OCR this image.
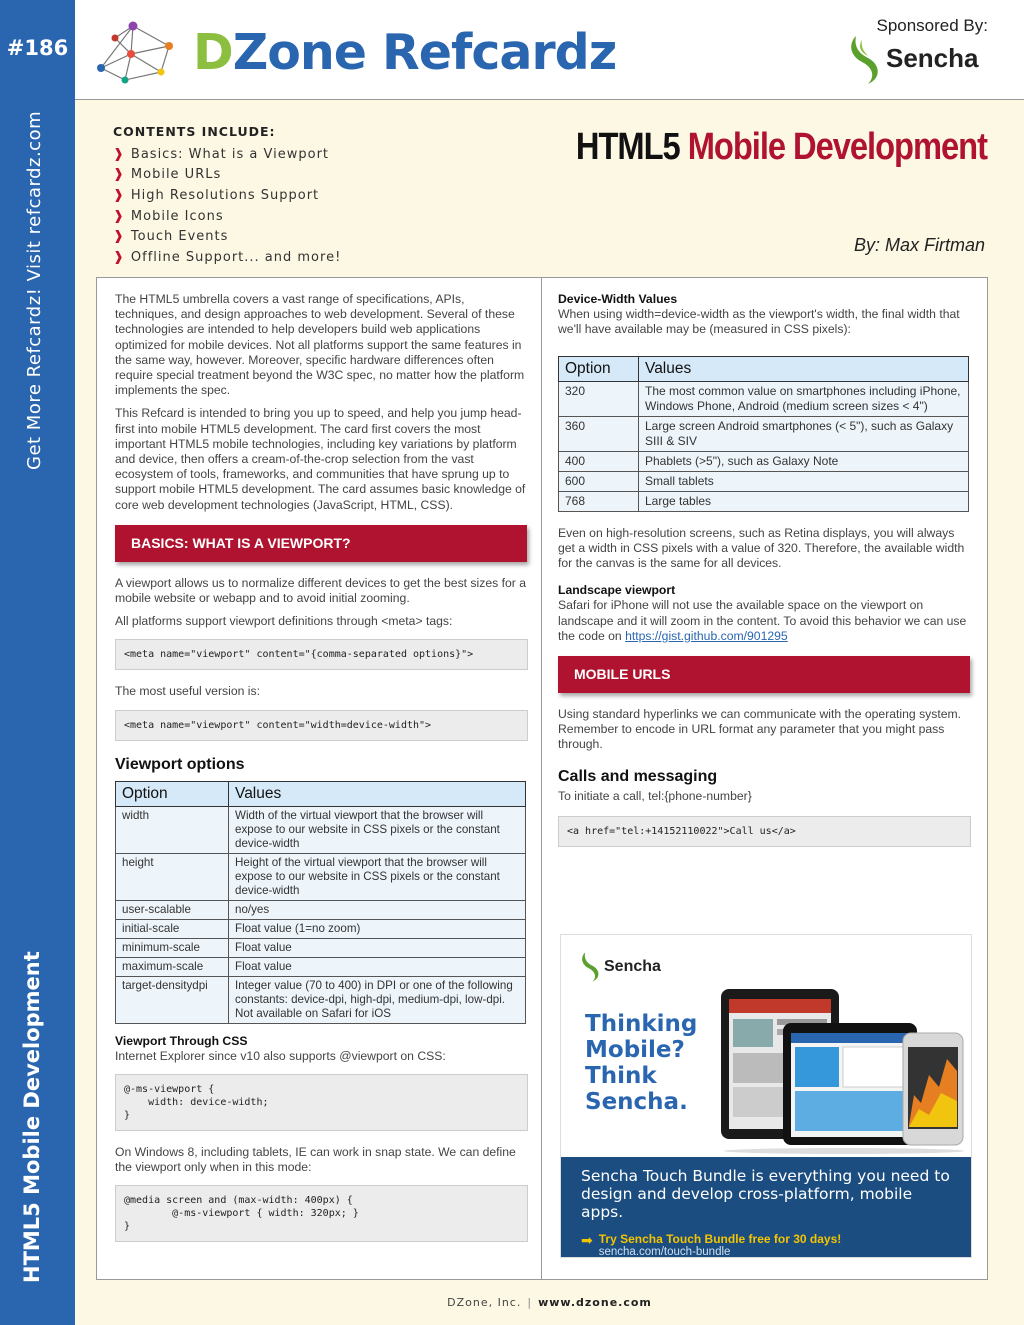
#186
Get More Refcardz! Visit refcardz.com
HTML5 Mobile Development
DZone Refcardz	Sponsored By:
Sencha
CONTENTS INCLUDE:
❱ Basics: What is a Viewport
❱ Mobile URLs
❱ High Resolutions Support
❱ Mobile Icons
❱ Touch Events
❱ Offline Support... and more!
HTML5 Mobile Development
By: Max Firtman

The HTML5 umbrella covers a vast range of specifications, APIs, techniques, and design approaches to web development. Several of these technologies are intended to help developers build web applications optimized for mobile devices. Not all platforms support the same features in the same way, however. Moreover, specific hardware differences often require special treatment beyond the W3C spec, no matter how the platform implements the spec.

This Refcard is intended to bring you up to speed, and help you jump head-first into mobile HTML5 development. The card first covers the most important HTML5 mobile technologies, including key variations by platform and device, then offers a cream-of-the-crop selection from the vast ecosystem of tools, frameworks, and communities that have sprung up to support mobile HTML5 development. The card assumes basic knowledge of core web development technologies (JavaScript, HTML, CSS).

BASICS: WHAT IS A VIEWPORT?

A viewport allows us to normalize different devices to get the best sizes for a mobile website or webapp and to avoid initial zooming.

All platforms support viewport definitions through <meta> tags:

<meta name="viewport" content="{comma-separated options}">

The most useful version is:

<meta name="viewport" content="width=device-width">
Viewport options
Option	Values
width	Width of the virtual viewport that the browser will expose to our website in CSS pixels or the constant device-width
height	Height of the virtual viewport that the browser will expose to our website in CSS pixels or the constant device-width
user-scalable	no/yes
initial-scale	Float value (1=no zoom)
minimum-scale	Float value
maximum-scale	Float value
target-densitydpi	Integer value (70 to 400) in DPI or one of the following constants: device-dpi, high-dpi, medium-dpi, low-dpi. Not available on Safari for iOS
Viewport Through CSS

Internet Explorer since v10 also supports @viewport on CSS:

@-ms-viewport {
width: device-width;
}

On Windows 8, including tablets, IE can work in snap state. We can define the viewport only when in this mode:

@media screen and (max-width: 400px) {
@-ms-viewport { width: 320px; }
}
Device-Width Values

When using width=device-width as the viewport's width, the final width that we'll have available may be (measured in CSS pixels):

Option	Values
320	The most common value on smartphones including iPhone, Windows Phone, Android (medium screen sizes < 4")
360	Large screen Android smartphones (< 5"), such as Galaxy SIII & SIV
400	Phablets (>5"), such as Galaxy Note
600	Small tablets
768	Large tables

Even on high-resolution screens, such as Retina displays, you will always get a width in CSS pixels with a value of 320. Therefore, the available width for the canvas is the same for all devices.

Landscape viewport

Safari for iPhone will not use the available space on the viewport on landscape and it will zoom in the content. To avoid this behavior we can use the code on https://gist.github.com/901295

MOBILE URLS

Using standard hyperlinks we can communicate with the operating system. Remember to encode in URL format any parameter that you might pass through.

Calls and messaging

To initiate a call, tel:{phone-number}

<a href="tel:+14152110022">Call us</a>
Sencha
Thinking
Mobile?
Think
Sencha.
Sencha Touch Bundle is everything you need to design and develop cross-platform, mobile apps.
➡ Try Sencha Touch Bundle free for 30 days!
sencha.com/touch-bundle
DZone, Inc. | www.dzone.com
